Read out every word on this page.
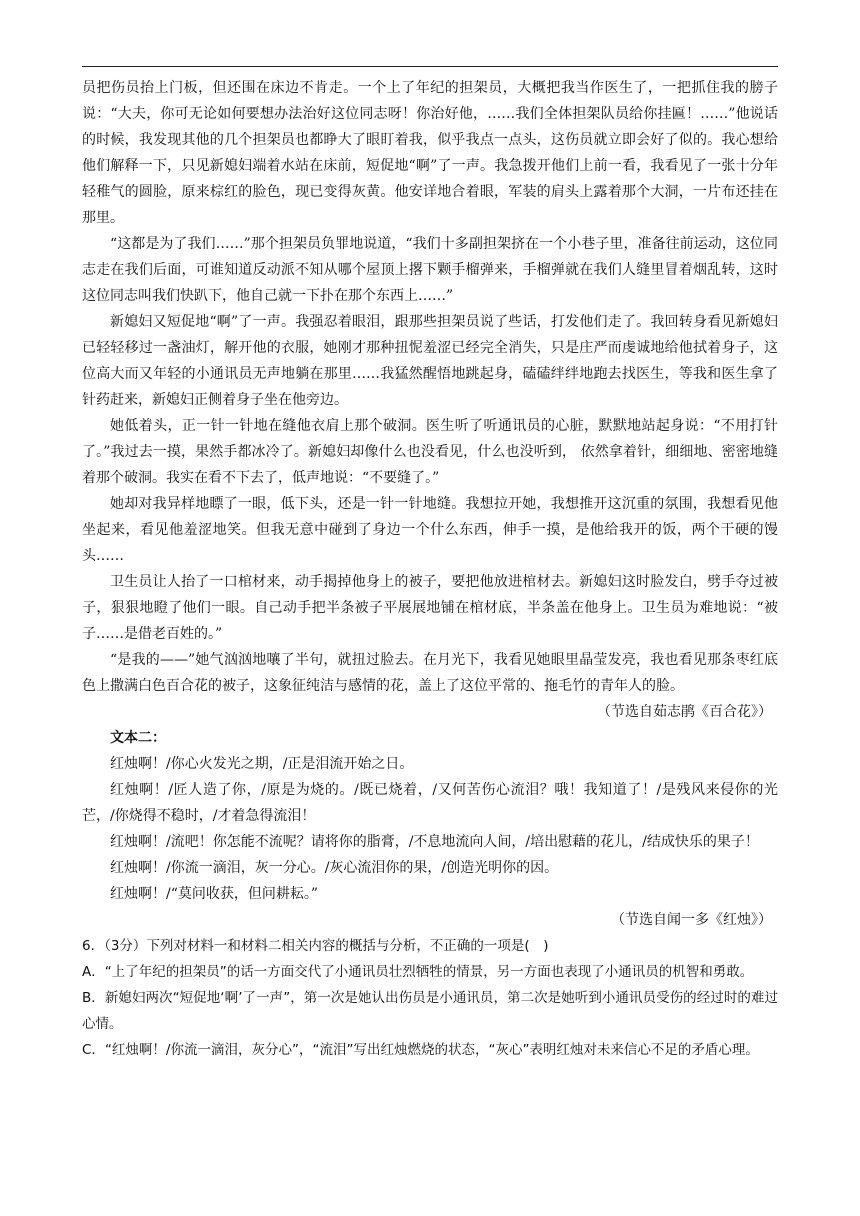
员把伤员抬上门板，但还围在床边不肯走。一个上了年纪的担架员，大概把我当作医生了，一把抓住我的膀子说：“大夫，你可无论如何要想办法治好这位同志呀！你治好他，……我们全体担架队员给你挂匾！……”他说话的时候，我发现其他的几个担架员也都睁大了眼盯着我，似乎我点一点头，这伤员就立即会好了似的。我心想给他们解释一下，只见新媳妇端着水站在床前，短促地“啊”了一声。我急拨开他们上前一看，我看见了一张十分年轻稚气的圆脸，原来棕红的脸色，现已变得灰黄。他安详地合着眼，军装的肩头上露着那个大洞，一片布还挂在那里。

“这都是为了我们……”那个担架员负罪地说道，“我们十多副担架挤在一个小巷子里，准备往前运动，这位同志走在我们后面，可谁知道反动派不知从哪个屋顶上撂下颗手榴弹来，手榴弹就在我们人缝里冒着烟乱转，这时这位同志叫我们快趴下，他自己就一下扑在那个东西上……”

新媳妇又短促地“啊”了一声。我强忍着眼泪，跟那些担架员说了些话，打发他们走了。我回转身看见新媳妇已轻轻移过一盏油灯，解开他的衣服，她刚才那种扭怩羞涩已经完全消失，只是庄严而虔诚地给他拭着身子，这位高大而又年轻的小通讯员无声地躺在那里……我猛然醒悟地跳起身，磕磕绊绊地跑去找医生，等我和医生拿了针药赶来，新媳妇正侧着身子坐在他旁边。

她低着头，正一针一针地在缝他衣肩上那个破洞。医生听了听通讯员的心脏，默默地站起身说：“不用打针了。”我过去一摸，果然手都冰冷了。新媳妇却像什么也没看见，什么也没听到， 依然拿着针，细细地、密密地缝着那个破洞。我实在看不下去了，低声地说：“不要缝了。”

她却对我异样地瞟了一眼，低下头，还是一针一针地缝。我想拉开她，我想推开这沉重的氛围，我想看见他坐起来，看见他羞涩地笑。但我无意中碰到了身边一个什么东西，伸手一摸，是他给我开的饭，两个干硬的馒头……

卫生员让人抬了一口棺材来，动手揭掉他身上的被子，要把他放进棺材去。新媳妇这时脸发白，劈手夺过被子，狠狠地瞪了他们一眼。自己动手把半条被子平展展地铺在棺材底，半条盖在他身上。卫生员为难地说：“被子……是借老百姓的。”

“是我的——”她气汹汹地嚷了半句，就扭过脸去。在月光下，我看见她眼里晶莹发亮，我也看见那条枣红底色上撒满白色百合花的被子，这象征纯洁与感情的花，盖上了这位平常的、拖毛竹的青年人的脸。

（节选自茹志鹃《百合花》）

文本二：

红烛啊！/你心火发光之期，/正是泪流开始之日。

红烛啊！/匠人造了你，/原是为烧的。/既已烧着，/又何苦伤心流泪？哦！我知道了！/是残风来侵你的光芒，/你烧得不稳时，/才着急得流泪！

红烛啊！/流吧！你怎能不流呢？请将你的脂膏，/不息地流向人间，/培出慰藉的花儿，/结成快乐的果子！

红烛啊！/你流一滴泪，灰一分心。/灰心流泪你的果，/创造光明你的因。

红烛啊！/“莫问收获，但问耕耘。”

（节选自闻一多《红烛》）

6．（3分）下列对材料一和材料二相关内容的概括与分析，不正确的一项是(　)

A．“上了年纪的担架员”的话一方面交代了小通讯员壮烈牺牲的情景，另一方面也表现了小通讯员的机智和勇敢。

B．新媳妇两次“短促地‘啊’了一声”，第一次是她认出伤员是小通讯员，第二次是她听到小通讯员受伤的经过时的难过心情。

C．“红烛啊！/你流一滴泪，灰分心”，“流泪”写出红烛燃烧的状态，“灰心”表明红烛对未来信心不足的矛盾心理。
